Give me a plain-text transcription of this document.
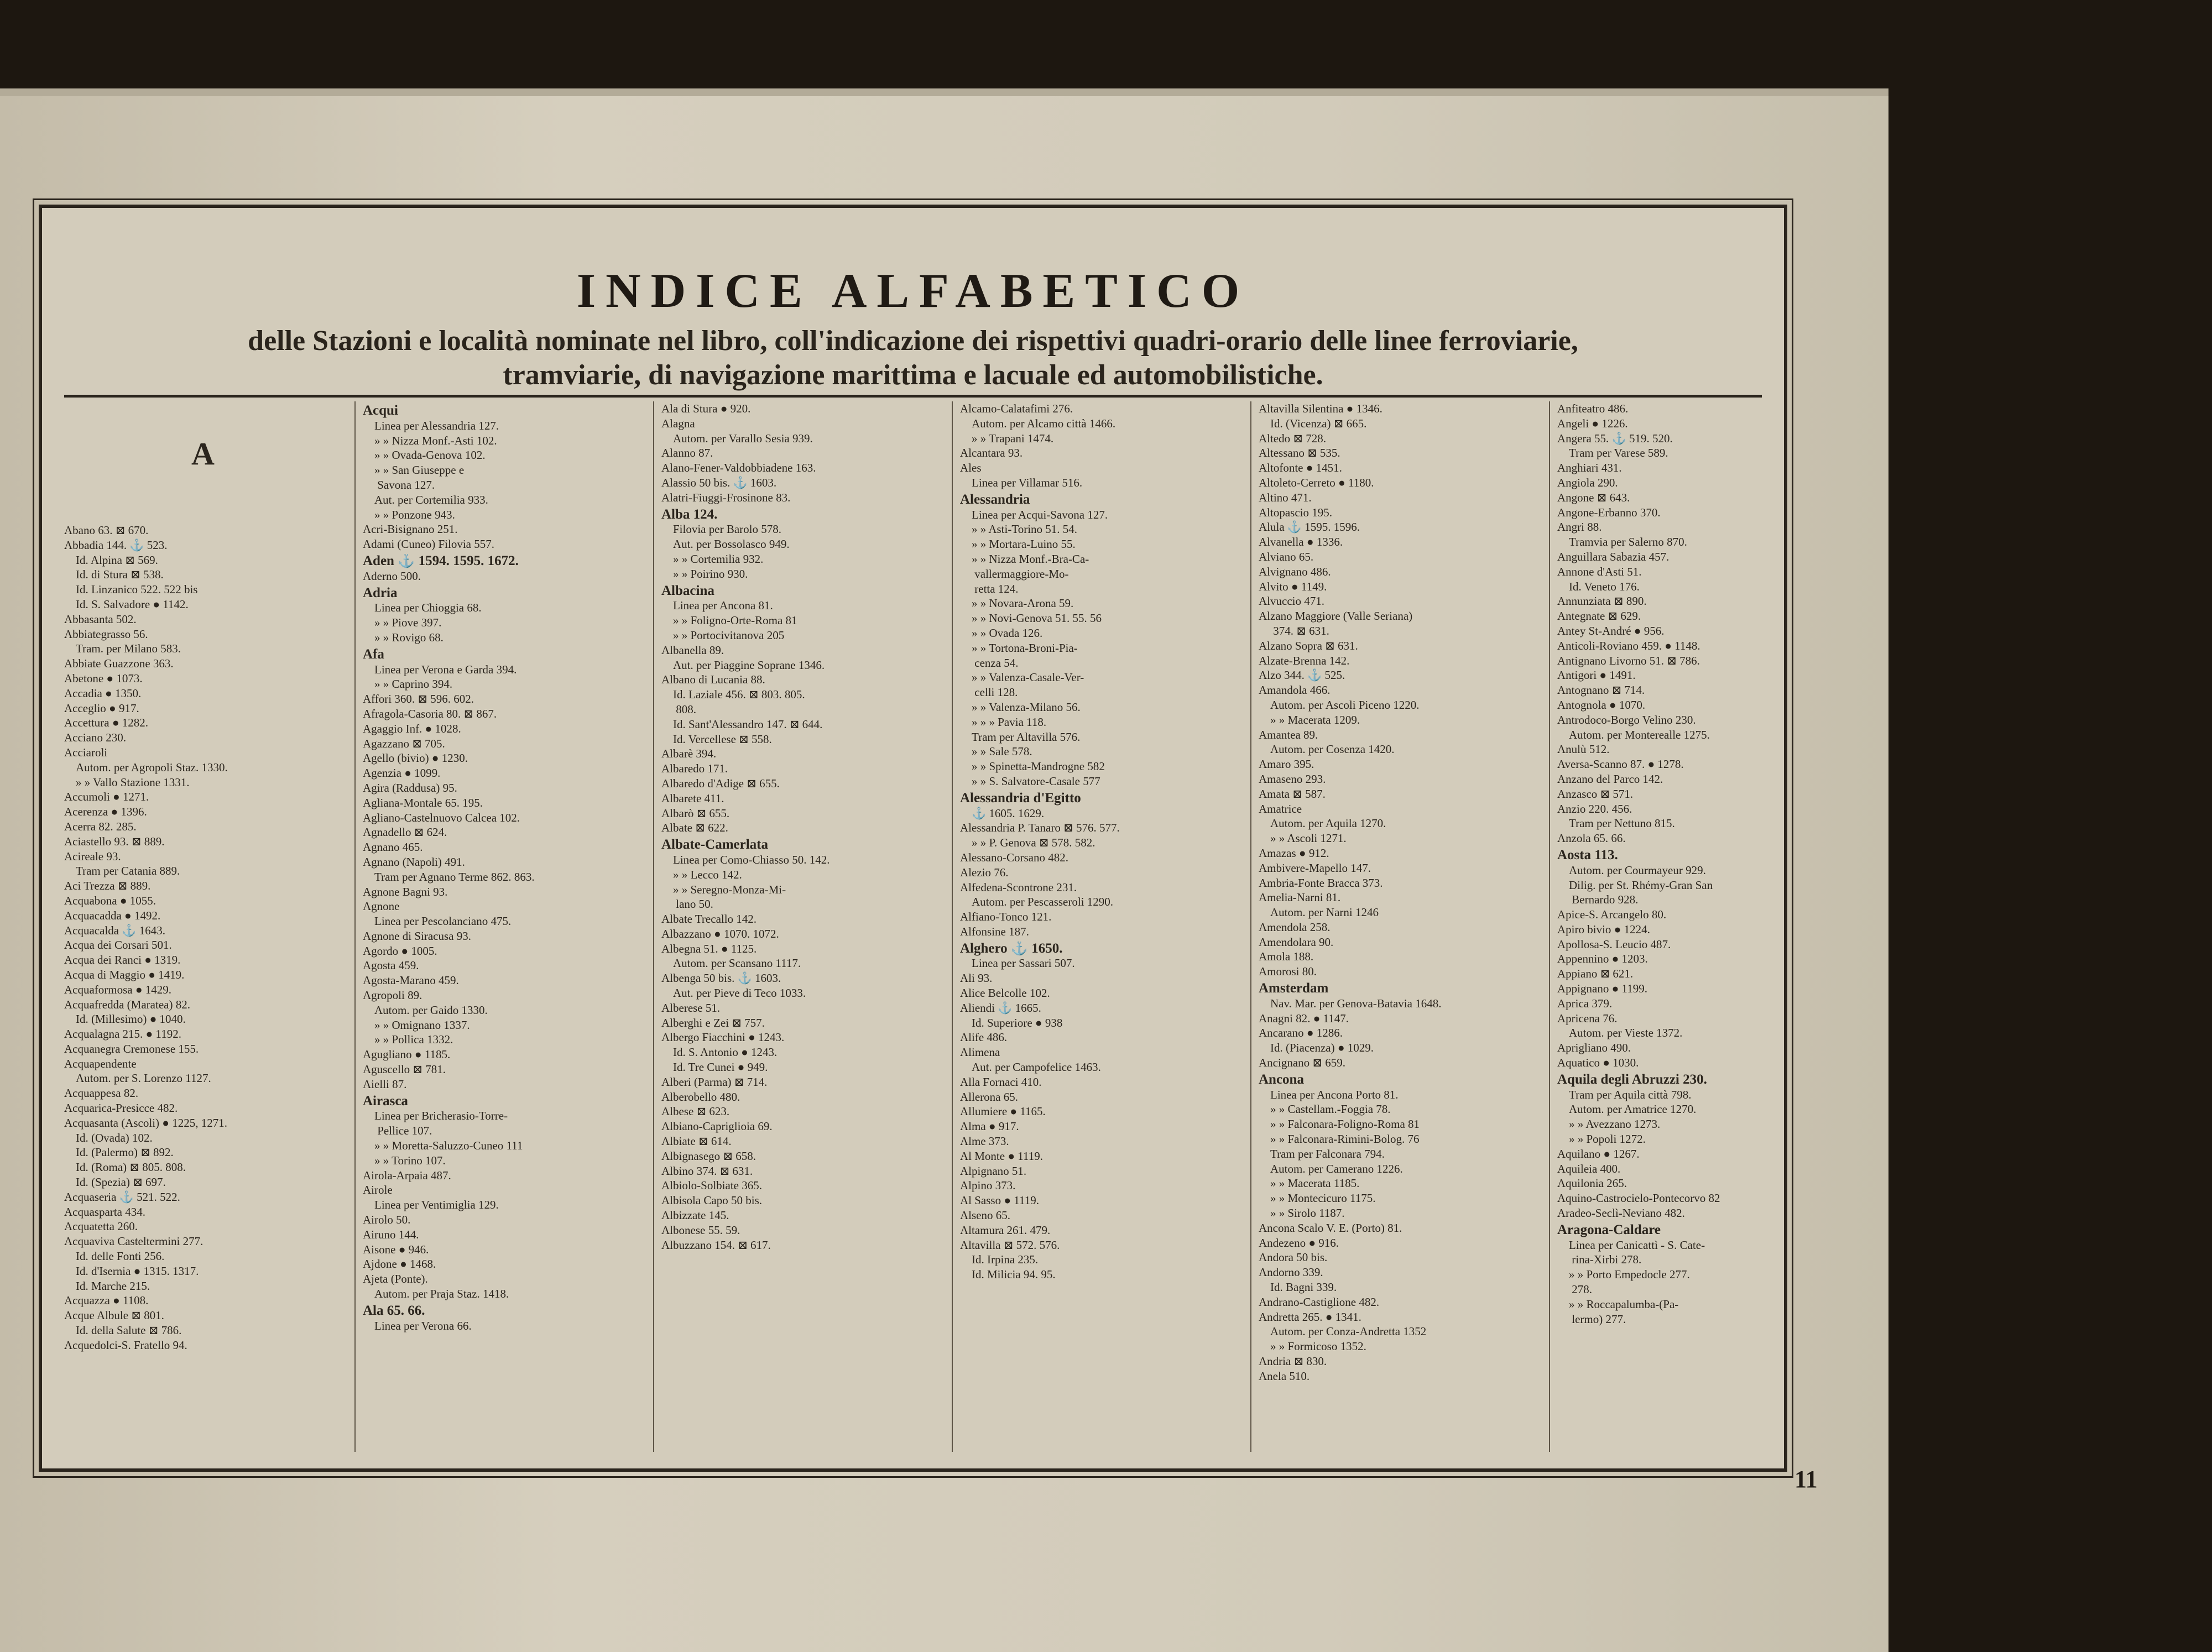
INDICE ALFABETICO
delle Stazioni e località nominate nel libro, coll'indicazione dei rispettivi quadri-orario delle linee ferroviarie,
tramviarie, di navigazione marittima e lacuale ed automobilistiche.
A
Abano 63. ⊠ 670.
Abbadia 144. ⚓ 523.
 Id. Alpina ⊠ 569.
 Id. di Stura ⊠ 538.
 Id. Linzanico 522. 522 bis
 Id. S. Salvadore ● 1142.
Abbasanta 502.
Abbiategrasso 56.
 Tram. per Milano 583.
Abbiate Guazzone 363.
Abetone ● 1073.
Accadia ● 1350.
Acceglio ● 917.
Accettura ● 1282.
Acciano 230.
Acciaroli
 Autom. per Agropoli Staz. 1330.
 » » Vallo Stazione 1331.
Accumoli ● 1271.
Acerenza ● 1396.
Acerra 82. 285.
Aciastello 93. ⊠ 889.
Acireale 93.
 Tram per Catania 889.
Aci Trezza ⊠ 889.
Acquabona ● 1055.
Acquacadda ● 1492.
Acquacalda ⚓ 1643.
Acqua dei Corsari 501.
Acqua dei Ranci ● 1319.
Acqua di Maggio ● 1419.
Acquaformosa ● 1429.
Acquafredda (Maratea) 82.
 Id. (Millesimo) ● 1040.
Acqualagna 215. ● 1192.
Acquanegra Cremonese 155.
Acquapendente
 Autom. per S. Lorenzo 1127.
Acquappesa 82.
Acquarica-Presicce 482.
Acquasanta (Ascoli) ● 1225, 1271.
 Id. (Ovada) 102.
 Id. (Palermo) ⊠ 892.
 Id. (Roma) ⊠ 805. 808.
 Id. (Spezia) ⊠ 697.
Acquaseria ⚓ 521. 522.
Acquasparta 434.
Acquatetta 260.
Acquaviva Casteltermini 277.
 Id. delle Fonti 256.
 Id. d'Isernia ● 1315. 1317.
 Id. Marche 215.
Acquazza ● 1108.
Acque Albule ⊠ 801.
 Id. della Salute ⊠ 786.
Acquedolci-S. Fratello 94.
Acqui
 Linea per Alessandria 127.
 » » Nizza Monf.-Asti 102.
 » » Ovada-Genova 102.
 » » San Giuseppe e
  Savona 127.
 Aut. per Cortemilia 933.
 » » Ponzone 943.
Acri-Bisignano 251.
Adami (Cuneo) Filovia 557.
Aden ⚓ 1594. 1595. 1672.
Aderno 500.
Adria
 Linea per Chioggia 68.
 » » Piove 397.
 » » Rovigo 68.
Afa
 Linea per Verona e Garda 394.
 » » Caprino 394.
Affori 360. ⊠ 596. 602.
Afragola-Casoria 80. ⊠ 867.
Agaggio Inf. ● 1028.
Agazzano ⊠ 705.
Agello (bivio) ● 1230.
Agenzia ● 1099.
Agira (Raddusa) 95.
Agliana-Montale 65. 195.
Agliano-Castelnuovo Calcea 102.
Agnadello ⊠ 624.
Agnano 465.
Agnano (Napoli) 491.
 Tram per Agnano Terme 862. 863.
Agnone Bagni 93.
Agnone
 Linea per Pescolanciano 475.
Agnone di Siracusa 93.
Agordo ● 1005.
Agosta 459.
Agosta-Marano 459.
Agropoli 89.
 Autom. per Gaido 1330.
 » » Omignano 1337.
 » » Pollica 1332.
Agugliano ● 1185.
Aguscello ⊠ 781.
Aielli 87.
Airasca
 Linea per Bricherasio-Torre-
  Pellice 107.
 » » Moretta-Saluzzo-Cuneo 111
 » » Torino 107.
Airola-Arpaia 487.
Airole
 Linea per Ventimiglia 129.
Airolo 50.
Airuno 144.
Aisone ● 946.
Ajdone ● 1468.
Ajeta (Ponte).
 Autom. per Praja Staz. 1418.
Ala 65. 66.
 Linea per Verona 66.
Ala di Stura ● 920.
Alagna
 Autom. per Varallo Sesia 939.
Alanno 87.
Alano-Fener-Valdobbiadene 163.
Alassio 50 bis. ⚓ 1603.
Alatri-Fiuggi-Frosinone 83.
Alba 124.
 Filovia per Barolo 578.
 Aut. per Bossolasco 949.
 » » Cortemilia 932.
 » » Poirino 930.
Albacina
 Linea per Ancona 81.
 » » Foligno-Orte-Roma 81
 » » Portocivitanova 205
Albanella 89.
 Aut. per Piaggine Soprane 1346.
Albano di Lucania 88.
 Id. Laziale 456. ⊠ 803. 805.
  808.
 Id. Sant'Alessandro 147. ⊠ 644.
 Id. Vercellese ⊠ 558.
Albarè 394.
Albaredo 171.
Albaredo d'Adige ⊠ 655.
Albarete 411.
Albarò ⊠ 655.
Albate ⊠ 622.
Albate-Camerlata
 Linea per Como-Chiasso 50. 142.
 » » Lecco 142.
 » » Seregno-Monza-Mi-
  lano 50.
Albate Trecallo 142.
Albazzano ● 1070. 1072.
Albegna 51. ● 1125.
 Autom. per Scansano 1117.
Albenga 50 bis. ⚓ 1603.
 Aut. per Pieve di Teco 1033.
Alberese 51.
Alberghi e Zei ⊠ 757.
Albergo Fiacchini ● 1243.
 Id. S. Antonio ● 1243.
 Id. Tre Cunei ● 949.
Alberi (Parma) ⊠ 714.
Alberobello 480.
Albese ⊠ 623.
Albiano-Capriglioia 69.
Albiate ⊠ 614.
Albignasego ⊠ 658.
Albino 374. ⊠ 631.
Albiolo-Solbiate 365.
Albisola Capo 50 bis.
Albizzate 145.
Albonese 55. 59.
Albuzzano 154. ⊠ 617.
Alcamo-Calatafimi 276.
 Autom. per Alcamo città 1466.
 » » Trapani 1474.
Alcantara 93.
Ales
 Linea per Villamar 516.
Alessandria
 Linea per Acqui-Savona 127.
 » » Asti-Torino 51. 54.
 » » Mortara-Luino 55.
 » » Nizza Monf.-Bra-Ca-
  vallermaggiore-Mo-
  retta 124.
 » » Novara-Arona 59.
 » » Novi-Genova 51. 55. 56
 » » Ovada 126.
 » » Tortona-Broni-Pia-
  cenza 54.
 » » Valenza-Casale-Ver-
  celli 128.
 » » Valenza-Milano 56.
 » » » Pavia 118.
 Tram per Altavilla 576.
 » » Sale 578.
 » » Spinetta-Mandrogne 582
 » » S. Salvatore-Casale 577
Alessandria d'Egitto
 ⚓ 1605. 1629.
Alessandria P. Tanaro ⊠ 576. 577.
 » » P. Genova ⊠ 578. 582.
Alessano-Corsano 482.
Alezio 76.
Alfedena-Scontrone 231.
 Autom. per Pescasseroli 1290.
Alfiano-Tonco 121.
Alfonsine 187.
Alghero ⚓ 1650.
 Linea per Sassari 507.
Ali 93.
Alice Belcolle 102.
Aliendi ⚓ 1665.
 Id. Superiore ● 938
Alife 486.
Alimena
 Aut. per Campofelice 1463.
Alla Fornaci 410.
Allerona 65.
Allumiere ● 1165.
Alma ● 917.
Alme 373.
Al Monte ● 1119.
Alpignano 51.
Alpino 373.
Al Sasso ● 1119.
Alseno 65.
Altamura 261. 479.
Altavilla ⊠ 572. 576.
 Id. Irpina 235.
 Id. Milicia 94. 95.
Altavilla Silentina ● 1346.
 Id. (Vicenza) ⊠ 665.
Altedo ⊠ 728.
Altessano ⊠ 535.
Altofonte ● 1451.
Altoleto-Cerreto ● 1180.
Altino 471.
Altopascio 195.
Alula ⚓ 1595. 1596.
Alvanella ● 1336.
Alviano 65.
Alvignano 486.
Alvito ● 1149.
Alvuccio 471.
Alzano Maggiore (Valle Seriana)
  374. ⊠ 631.
Alzano Sopra ⊠ 631.
Alzate-Brenna 142.
Alzo 344. ⚓ 525.
Amandola 466.
 Autom. per Ascoli Piceno 1220.
 » » Macerata 1209.
Amantea 89.
 Autom. per Cosenza 1420.
Amaro 395.
Amaseno 293.
Amata ⊠ 587.
Amatrice
 Autom. per Aquila 1270.
 » » Ascoli 1271.
Amazas ● 912.
Ambivere-Mapello 147.
Ambria-Fonte Bracca 373.
Amelia-Narni 81.
 Autom. per Narni 1246
Amendola 258.
Amendolara 90.
Amola 188.
Amorosi 80.
Amsterdam
 Nav. Mar. per Genova-Batavia 1648.
Anagni 82. ● 1147.
Ancarano ● 1286.
 Id. (Piacenza) ● 1029.
Ancignano ⊠ 659.
Ancona
 Linea per Ancona Porto 81.
 » » Castellam.-Foggia 78.
 » » Falconara-Foligno-Roma 81
 » » Falconara-Rimini-Bolog. 76
 Tram per Falconara 794.
 Autom. per Camerano 1226.
 » » Macerata 1185.
 » » Montecicuro 1175.
 » » Sirolo 1187.
Ancona Scalo V. E. (Porto) 81.
Andezeno ● 916.
Andora 50 bis.
Andorno 339.
 Id. Bagni 339.
Andrano-Castiglione 482.
Andretta 265. ● 1341.
 Autom. per Conza-Andretta 1352
 » » Formicoso 1352.
Andria ⊠ 830.
Anela 510.
Anfiteatro 486.
Angeli ● 1226.
Angera 55. ⚓ 519. 520.
 Tram per Varese 589.
Anghiari 431.
Angiola 290.
Angone ⊠ 643.
Angone-Erbanno 370.
Angri 88.
 Tramvia per Salerno 870.
Anguillara Sabazia 457.
Annone d'Asti 51.
 Id. Veneto 176.
Annunziata ⊠ 890.
Antegnate ⊠ 629.
Antey St-André ● 956.
Anticoli-Roviano 459. ● 1148.
Antignano Livorno 51. ⊠ 786.
Antigori ● 1491.
Antognano ⊠ 714.
Antognola ● 1070.
Antrodoco-Borgo Velino 230.
 Autom. per Monterealle 1275.
Anulù 512.
Aversa-Scanno 87. ● 1278.
Anzano del Parco 142.
Anzasco ⊠ 571.
Anzio 220. 456.
 Tram per Nettuno 815.
Anzola 65. 66.
Aosta 113.
 Autom. per Courmayeur 929.
 Dilig. per St. Rhémy-Gran San
  Bernardo 928.
Apice-S. Arcangelo 80.
Apiro bivio ● 1224.
Apollosa-S. Leucio 487.
Appennino ● 1203.
Appiano ⊠ 621.
Appignano ● 1199.
Aprica 379.
Apricena 76.
 Autom. per Vieste 1372.
Aprigliano 490.
Aquatico ● 1030.
Aquila degli Abruzzi 230.
 Tram per Aquila città 798.
 Autom. per Amatrice 1270.
 » » Avezzano 1273.
 » » Popoli 1272.
Aquilano ● 1267.
Aquileia 400.
Aquilonia 265.
Aquino-Castrocielo-Pontecorvo 82
Aradeo-Seclì-Neviano 482.
Aragona-Caldare
 Linea per Canicattì - S. Cate-
  rina-Xirbi 278.
 » » Porto Empedocle 277.
  278.
 » » Roccapalumba-(Pa-
  lermo) 277.
11
